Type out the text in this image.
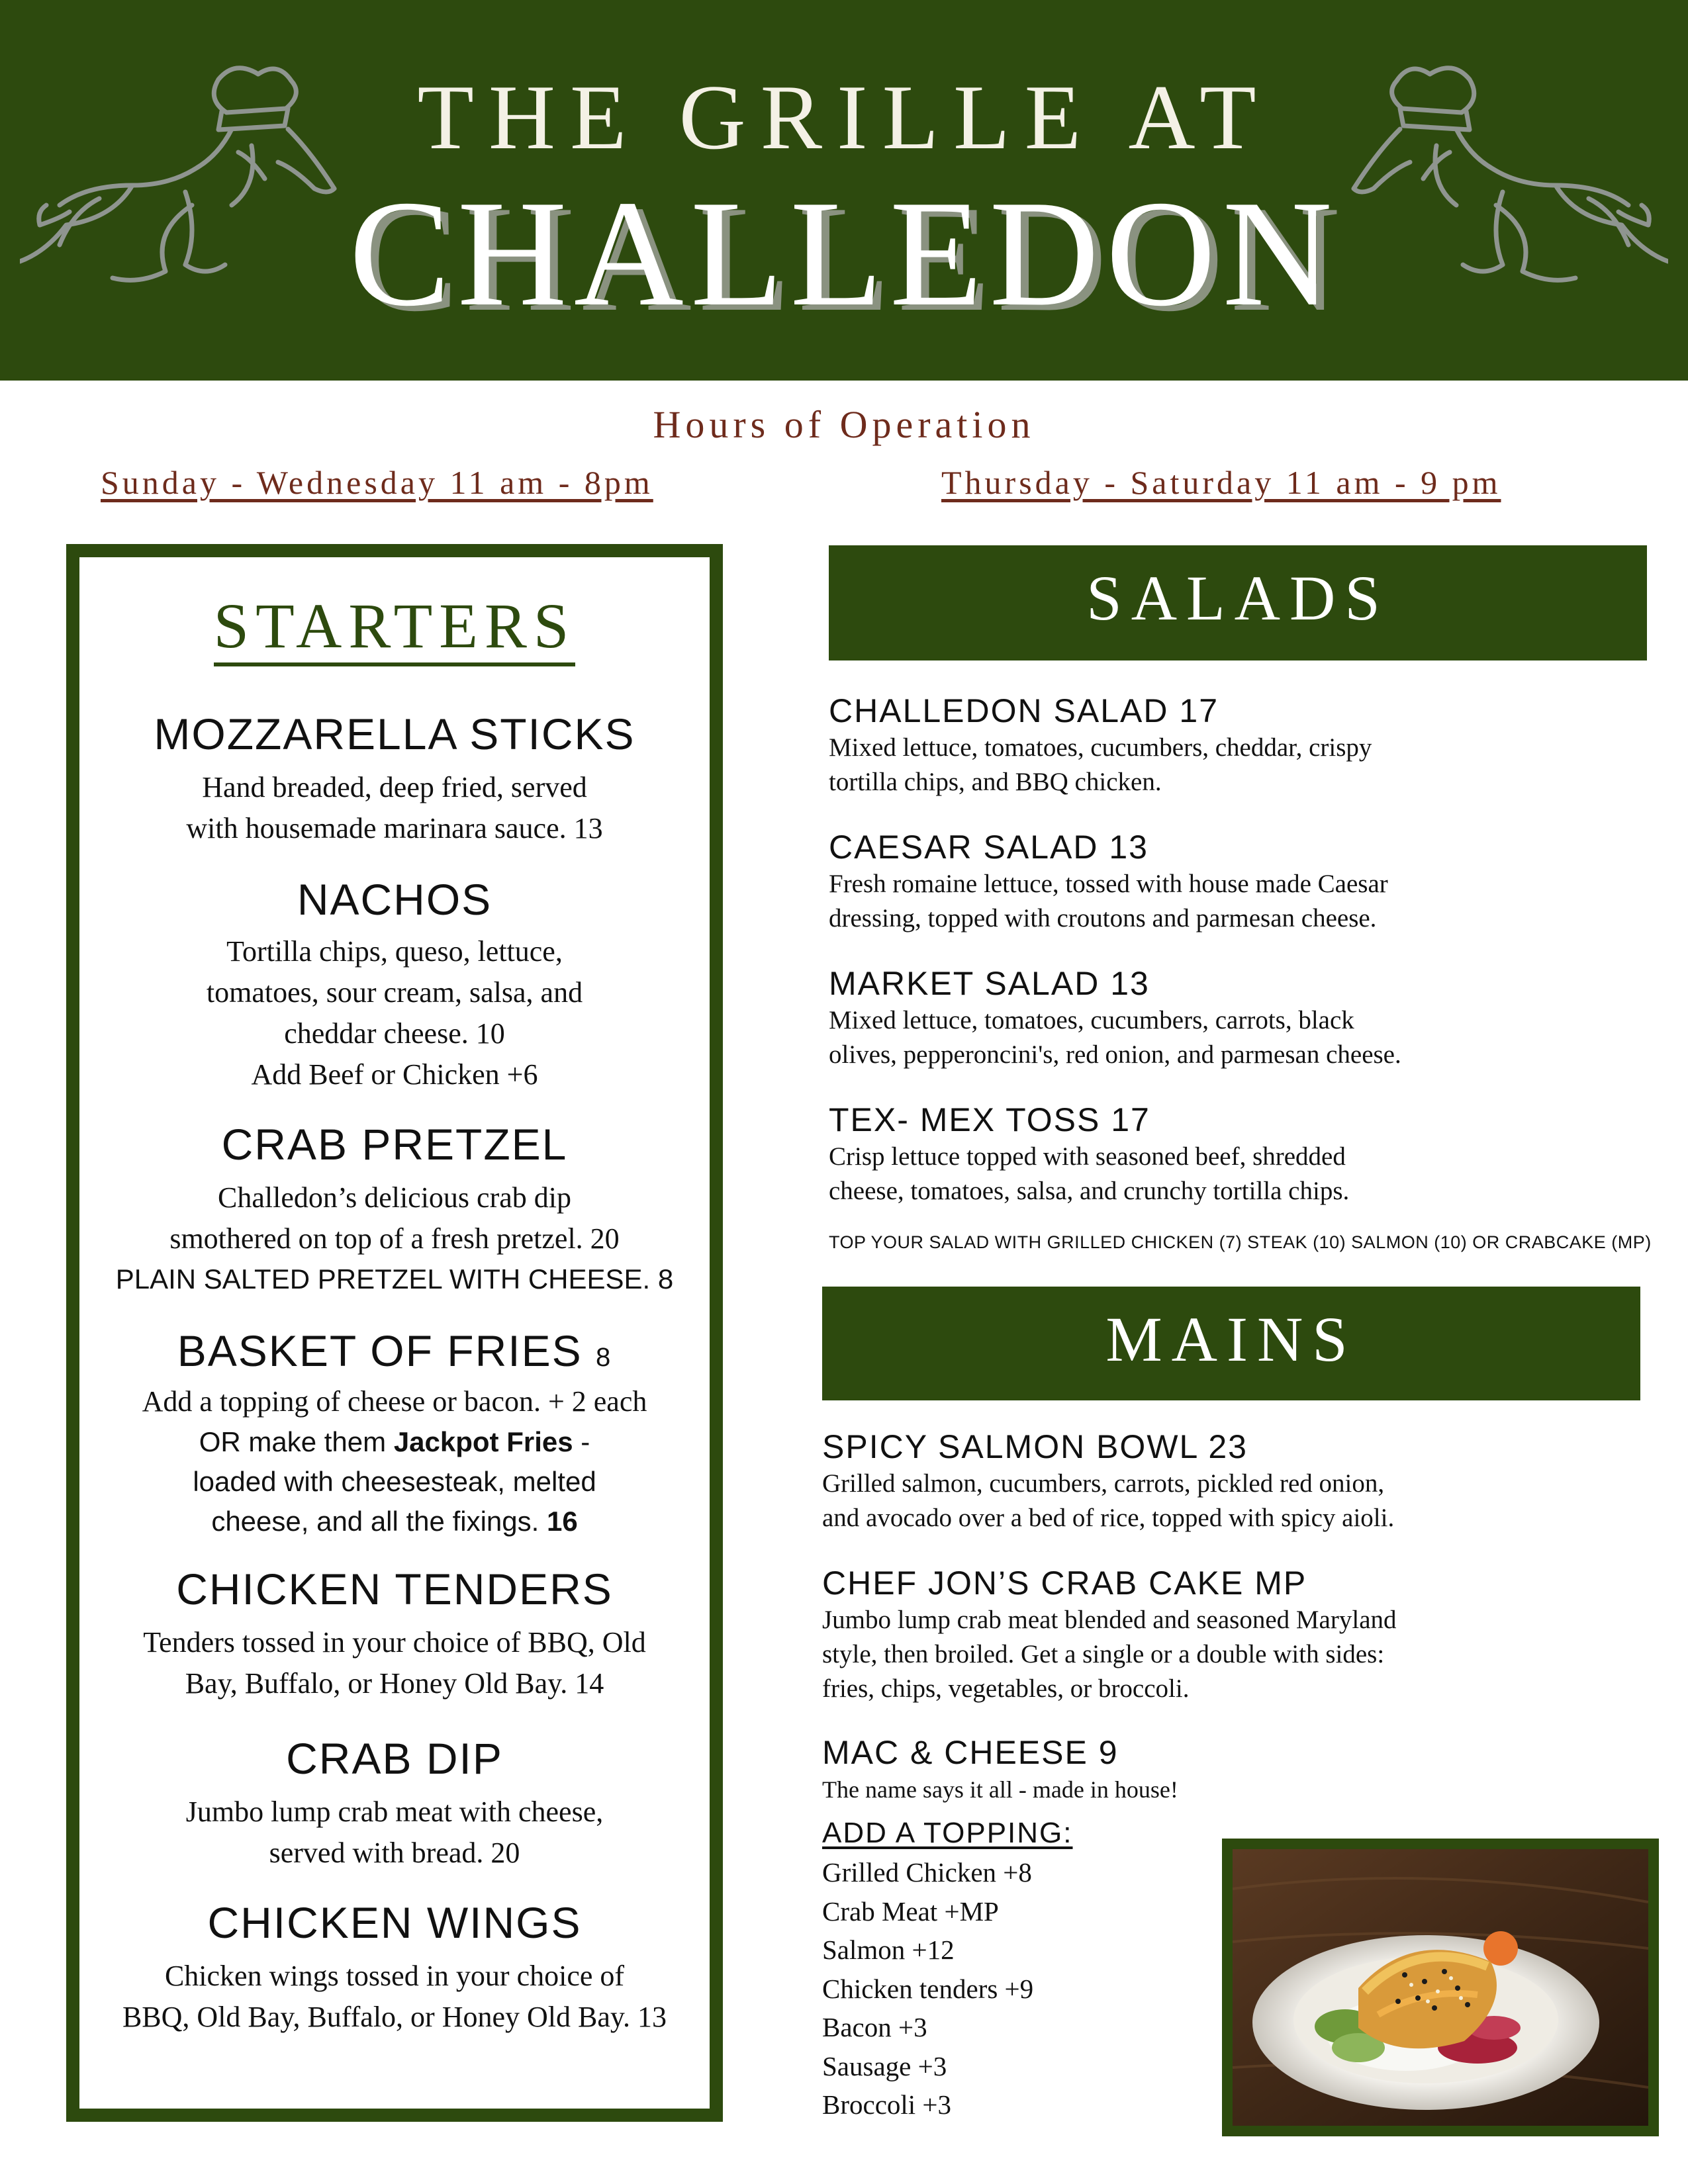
THE GRILLE AT
CHALLEDON
Hours of Operation
Sunday - Wednesday 11 am - 8pm	Thursday - Saturday 11 am - 9 pm
STARTERS
MOZZARELLA STICKS
Hand breaded, deep fried, served
with housemade marinara sauce. 13
NACHOS
Tortilla chips, queso, lettuce,
tomatoes, sour cream, salsa, and
cheddar cheese. 10
Add Beef or Chicken +6
CRAB PRETZEL
Challedon’s delicious crab dip
smothered on top of a fresh pretzel. 20
PLAIN SALTED PRETZEL WITH CHEESE. 8
BASKET OF FRIES 8
Add a topping of cheese or bacon. + 2 each
OR make them Jackpot Fries -
loaded with cheesesteak, melted
cheese, and all the fixings. 16
CHICKEN TENDERS
Tenders tossed in your choice of BBQ, Old
Bay, Buffalo, or Honey Old Bay. 14
CRAB DIP
Jumbo lump crab meat with cheese,
served with bread. 20
CHICKEN WINGS
Chicken wings tossed in your choice of
BBQ, Old Bay, Buffalo, or Honey Old Bay. 13
SALADS
CHALLEDON SALAD 17
Mixed lettuce, tomatoes, cucumbers, cheddar, crispy
tortilla chips, and BBQ chicken.
CAESAR SALAD 13
Fresh romaine lettuce, tossed with house made Caesar
dressing, topped with croutons and parmesan cheese.
MARKET SALAD 13
Mixed lettuce, tomatoes, cucumbers, carrots, black
olives, pepperoncini's, red onion, and parmesan cheese.
TEX- MEX TOSS 17
Crisp lettuce topped with seasoned beef, shredded
cheese, tomatoes, salsa, and crunchy tortilla chips.
TOP YOUR SALAD WITH GRILLED CHICKEN (7) STEAK (10) SALMON (10) OR CRABCAKE (MP)
MAINS
SPICY SALMON BOWL 23
Grilled salmon, cucumbers, carrots, pickled red onion,
and avocado over a bed of rice, topped with spicy aioli.
CHEF JON’S CRAB CAKE MP
Jumbo lump crab meat blended and seasoned Maryland
style, then broiled. Get a single or a double with sides:
fries, chips, vegetables, or broccoli.
MAC & CHEESE 9
The name says it all - made in house!
ADD A TOPPING:
Grilled Chicken +8
Crab Meat +MP
Salmon +12
Chicken tenders +9
Bacon +3
Sausage +3
Broccoli +3
